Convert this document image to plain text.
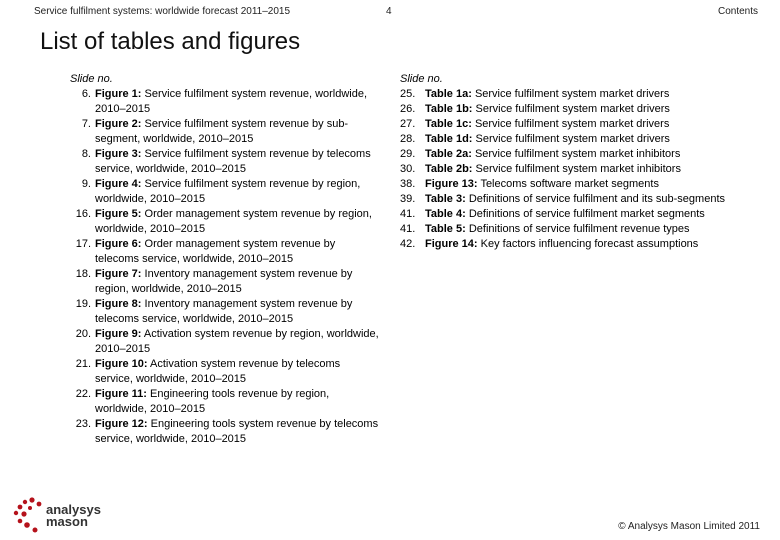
Service fulfilment systems: worldwide forecast 2011–2015	4	Contents
List of tables and figures
Slide no.
6. Figure 1: Service fulfilment system revenue, worldwide, 2010–2015
7. Figure 2: Service fulfilment system revenue by sub-segment, worldwide, 2010–2015
8. Figure 3: Service fulfilment system revenue by telecoms service, worldwide, 2010–2015
9. Figure 4: Service fulfilment system revenue by region, worldwide, 2010–2015
16. Figure 5: Order management system revenue by region, worldwide, 2010–2015
17. Figure 6: Order management system revenue by telecoms service, worldwide, 2010–2015
18. Figure 7: Inventory management system revenue by region, worldwide, 2010–2015
19. Figure 8: Inventory management system revenue by telecoms service, worldwide, 2010–2015
20. Figure 9: Activation system revenue by region, worldwide, 2010–2015
21. Figure 10: Activation system revenue by telecoms service, worldwide, 2010–2015
22. Figure 11: Engineering tools revenue by region, worldwide, 2010–2015
23. Figure 12: Engineering tools system revenue by telecoms service, worldwide, 2010–2015
Slide no.
25. Table 1a: Service fulfilment system market drivers
26. Table 1b: Service fulfilment system market drivers
27. Table 1c: Service fulfilment system market drivers
28. Table 1d: Service fulfilment system market drivers
29. Table 2a: Service fulfilment system market inhibitors
30. Table 2b: Service fulfilment system market inhibitors
38. Figure 13: Telecoms software market segments
39. Table 3: Definitions of service fulfilment and its sub-segments
41. Table 4: Definitions of service fulfilment market segments
41. Table 5: Definitions of service fulfilment revenue types
42. Figure 14: Key factors influencing forecast assumptions
analysys
mason	© Analysys Mason Limited 2011
